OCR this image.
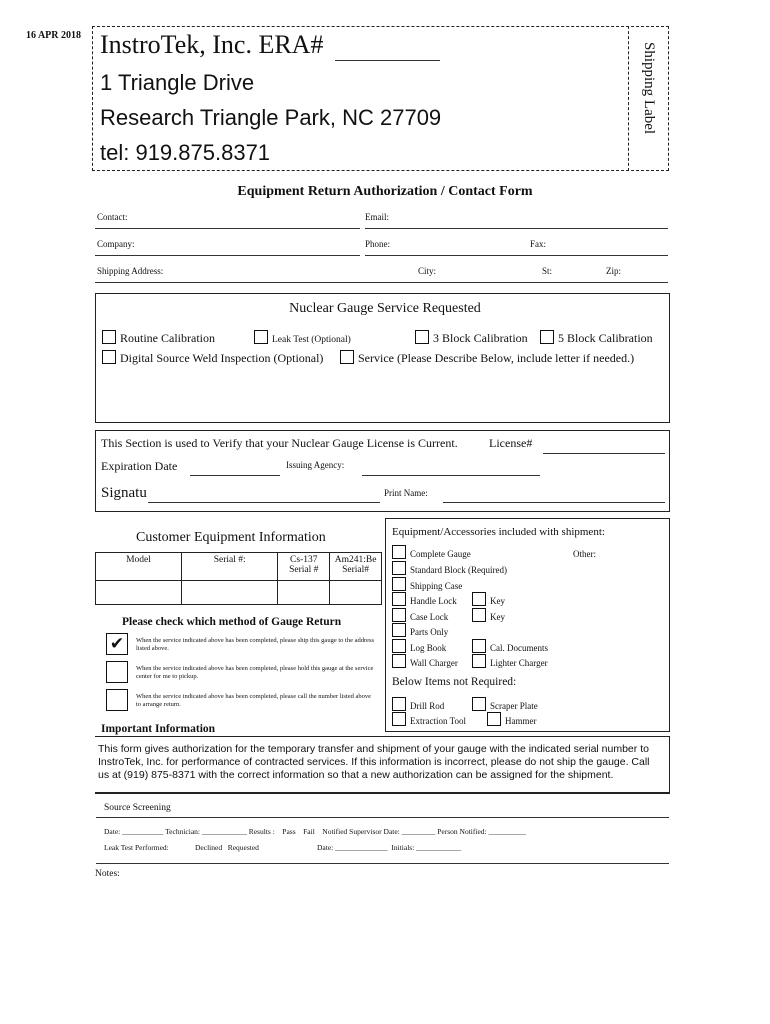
16 APR 2018 InstroTek, Inc. ERA#
1 Triangle Drive
Research Triangle Park, NC 27709
tel: 919.875.8371
Shipping Label
Equipment Return Authorization / Contact Form
Contact:	Email:
Company:	Phone:	Fax:
Shipping Address:	City:	St:	Zip:
Nuclear Gauge Service Requested
Routine Calibration	Leak Test (Optional)	3 Block Calibration	5 Block Calibration
Digital Source Weld Inspection (Optional)	Service (Please Describe Below, include letter if needed.)
This Section is used to Verify that your Nuclear Gauge License is Current.	License#
Expiration Date	Issuing Agency:
Signatu	Print Name:
Customer Equipment Information
Model	Serial #:	Cs-137 Serial #	Am241:Be Serial#

Please check which method of Gauge Return
✔	When the service indicated above has been completed, please ship this gauge to the address listed above.
When the service indicated above has been completed, please hold this gauge at the service center for me to pickup.
When the service indicated above has been completed, please call the number listed above to arrange return.
Equipment/Accessories included with shipment:
Other:
Complete Gauge
Standard Block (Required)
Shipping Case
Handle Lock	Key
Case Lock	Key
Parts Only
Log Book	Cal. Documents
Wall Charger	Lighter Charger
Below Items not Required:
Drill Rod	Scraper Plate
Extraction Tool	Hammer
Important Information
This form gives authorization for the temporary transfer and shipment of your gauge with the indicated serial number to
InstroTek, Inc. for performance of contracted services. If this information is incorrect, please do not ship the gauge. Call
us at (919) 875-8371 with the correct information so that a new authorization can be assigned for the shipment.
Source Screening
Date: ___________ Technician: ____________ Results :    Pass    Fail    Notified Supervisor Date: _________ Person Notified: __________
Leak Test Performed:	Declined   Requested	Date: ______________  Initials: ____________
Notes:
